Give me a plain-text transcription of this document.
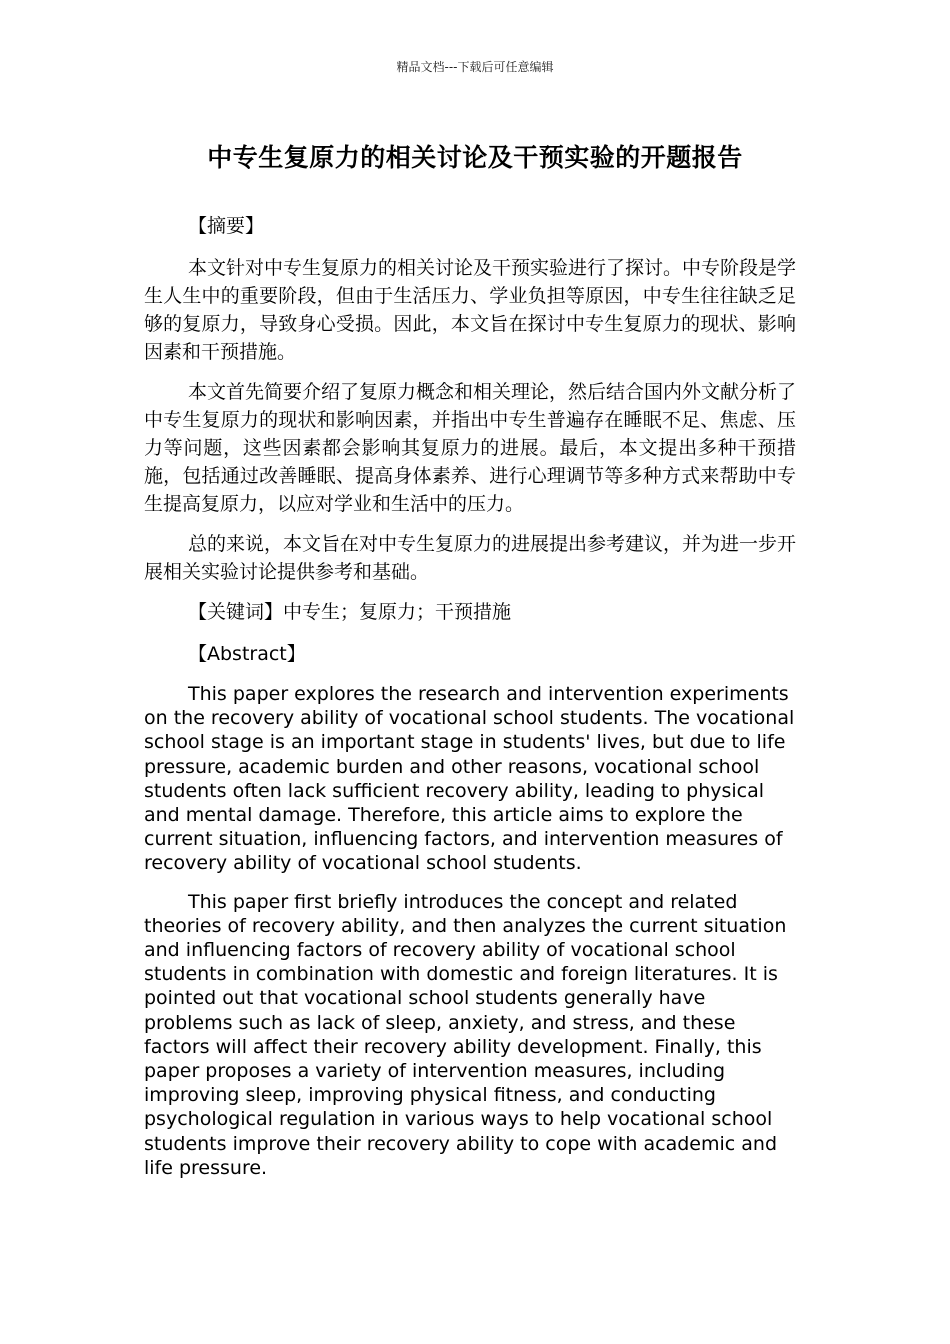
精品文档---下载后可任意编辑
中专生复原力的相关讨论及干预实验的开题报告

【摘要】

本文针对中专生复原力的相关讨论及干预实验进行了探讨。中专阶段是学生人生中的重要阶段，但由于生活压力、学业负担等原因，中专生往往缺乏足够的复原力，导致身心受损。因此，本文旨在探讨中专生复原力的现状、影响因素和干预措施。

本文首先简要介绍了复原力概念和相关理论，然后结合国内外文献分析了中专生复原力的现状和影响因素，并指出中专生普遍存在睡眠不足、焦虑、压力等问题，这些因素都会影响其复原力的进展。最后，本文提出多种干预措施，包括通过改善睡眠、提高身体素养、进行心理调节等多种方式来帮助中专生提高复原力，以应对学业和生活中的压力。

总的来说，本文旨在对中专生复原力的进展提出参考建议，并为进一步开展相关实验讨论提供参考和基础。

【关键词】中专生；复原力；干预措施

【Abstract】

This paper explores the research and intervention experiments on the recovery ability of vocational school students. The vocational school stage is an important stage in students' lives, but due to life pressure, academic burden and other reasons, vocational school students often lack sufficient recovery ability, leading to physical and mental damage. Therefore, this article aims to explore the current situation, influencing factors, and intervention measures of recovery ability of vocational school students.

This paper first briefly introduces the concept and related theories of recovery ability, and then analyzes the current situation and influencing factors of recovery ability of vocational school students in combination with domestic and foreign literatures. It is pointed out that vocational school students generally have problems such as lack of sleep, anxiety, and stress, and these factors will affect their recovery ability development. Finally, this paper proposes a variety of intervention measures, including improving sleep, improving physical fitness, and conducting psychological regulation in various ways to help vocational school students improve their recovery ability to cope with academic and life pressure.
